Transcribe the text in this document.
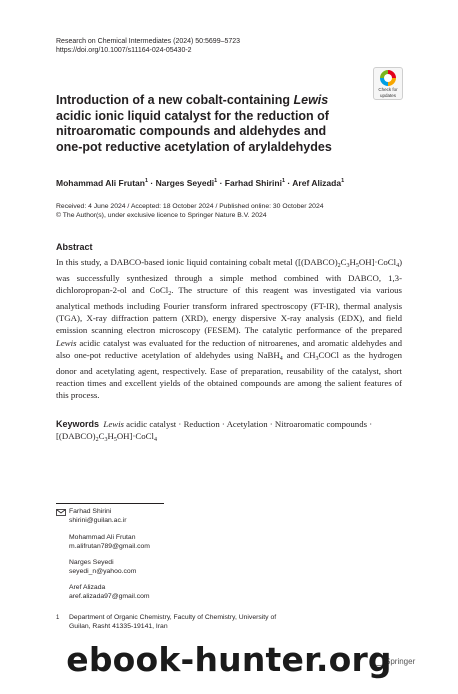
Research on Chemical Intermediates (2024) 50:5699–5723
https://doi.org/10.1007/s11164-024-05430-2
Check for
updates
Introduction of a new cobalt-containing Lewis acidic ionic liquid catalyst for the reduction of nitroaromatic compounds and aldehydes and one-pot reductive acetylation of arylaldehydes
Mohammad Ali Frutan$^1$ · Narges Seyedi$^1$ · Farhad Shirini$^1$ · Aref Alizada$^1$
Received: 4 June 2024 / Accepted: 18 October 2024 / Published online: 30 October 2024
© The Author(s), under exclusive licence to Springer Nature B.V. 2024
Abstract
In this study, a DABCO-based ionic liquid containing cobalt metal $([(DABCO)_2C_3H_5OH]\cdot CoCl_4)$ was successfully synthesized through a simple method combined with DABCO, 1,3-dichloropropan-2-ol and CoCl$_2$. The structure of this reagent was investigated via various analytical methods including Fourier transform infrared spectroscopy (FT-IR), thermal analysis (TGA), X-ray diffraction pattern (XRD), energy dispersive X-ray analysis (EDX), and field emission scanning electron microscopy (FESEM). The catalytic performance of the prepared Lewis acidic catalyst was evaluated for the reduction of nitroarenes, and aromatic aldehydes and also one-pot reductive acetylation of aldehydes using NaBH$_4$ and $CH_3COCl$ as the hydrogen donor and acetylating agent, respectively. Ease of preparation, reusability of the catalyst, short reaction times and excellent yields of the obtained compounds are among the salient features of this process.
Keywords Lewis acidic catalyst · Reduction · Acetylation · Nitroaromatic compounds · $[(DABCO)_2C_3H_5OH]\cdot CoCl_4$
Farhad Shirini
shirini@guilan.ac.ir
Mohammad Ali Frutan
m.alifrutan789@gmail.com
Narges Seyedi
seyedi_n@yahoo.com
Aref Alizada
aref.alizada97@gmail.com
1 Department of Organic Chemistry, Faculty of Chemistry, University of Guilan, Rasht 41335-19141, Iran
Springer
ebook-hunter.org
